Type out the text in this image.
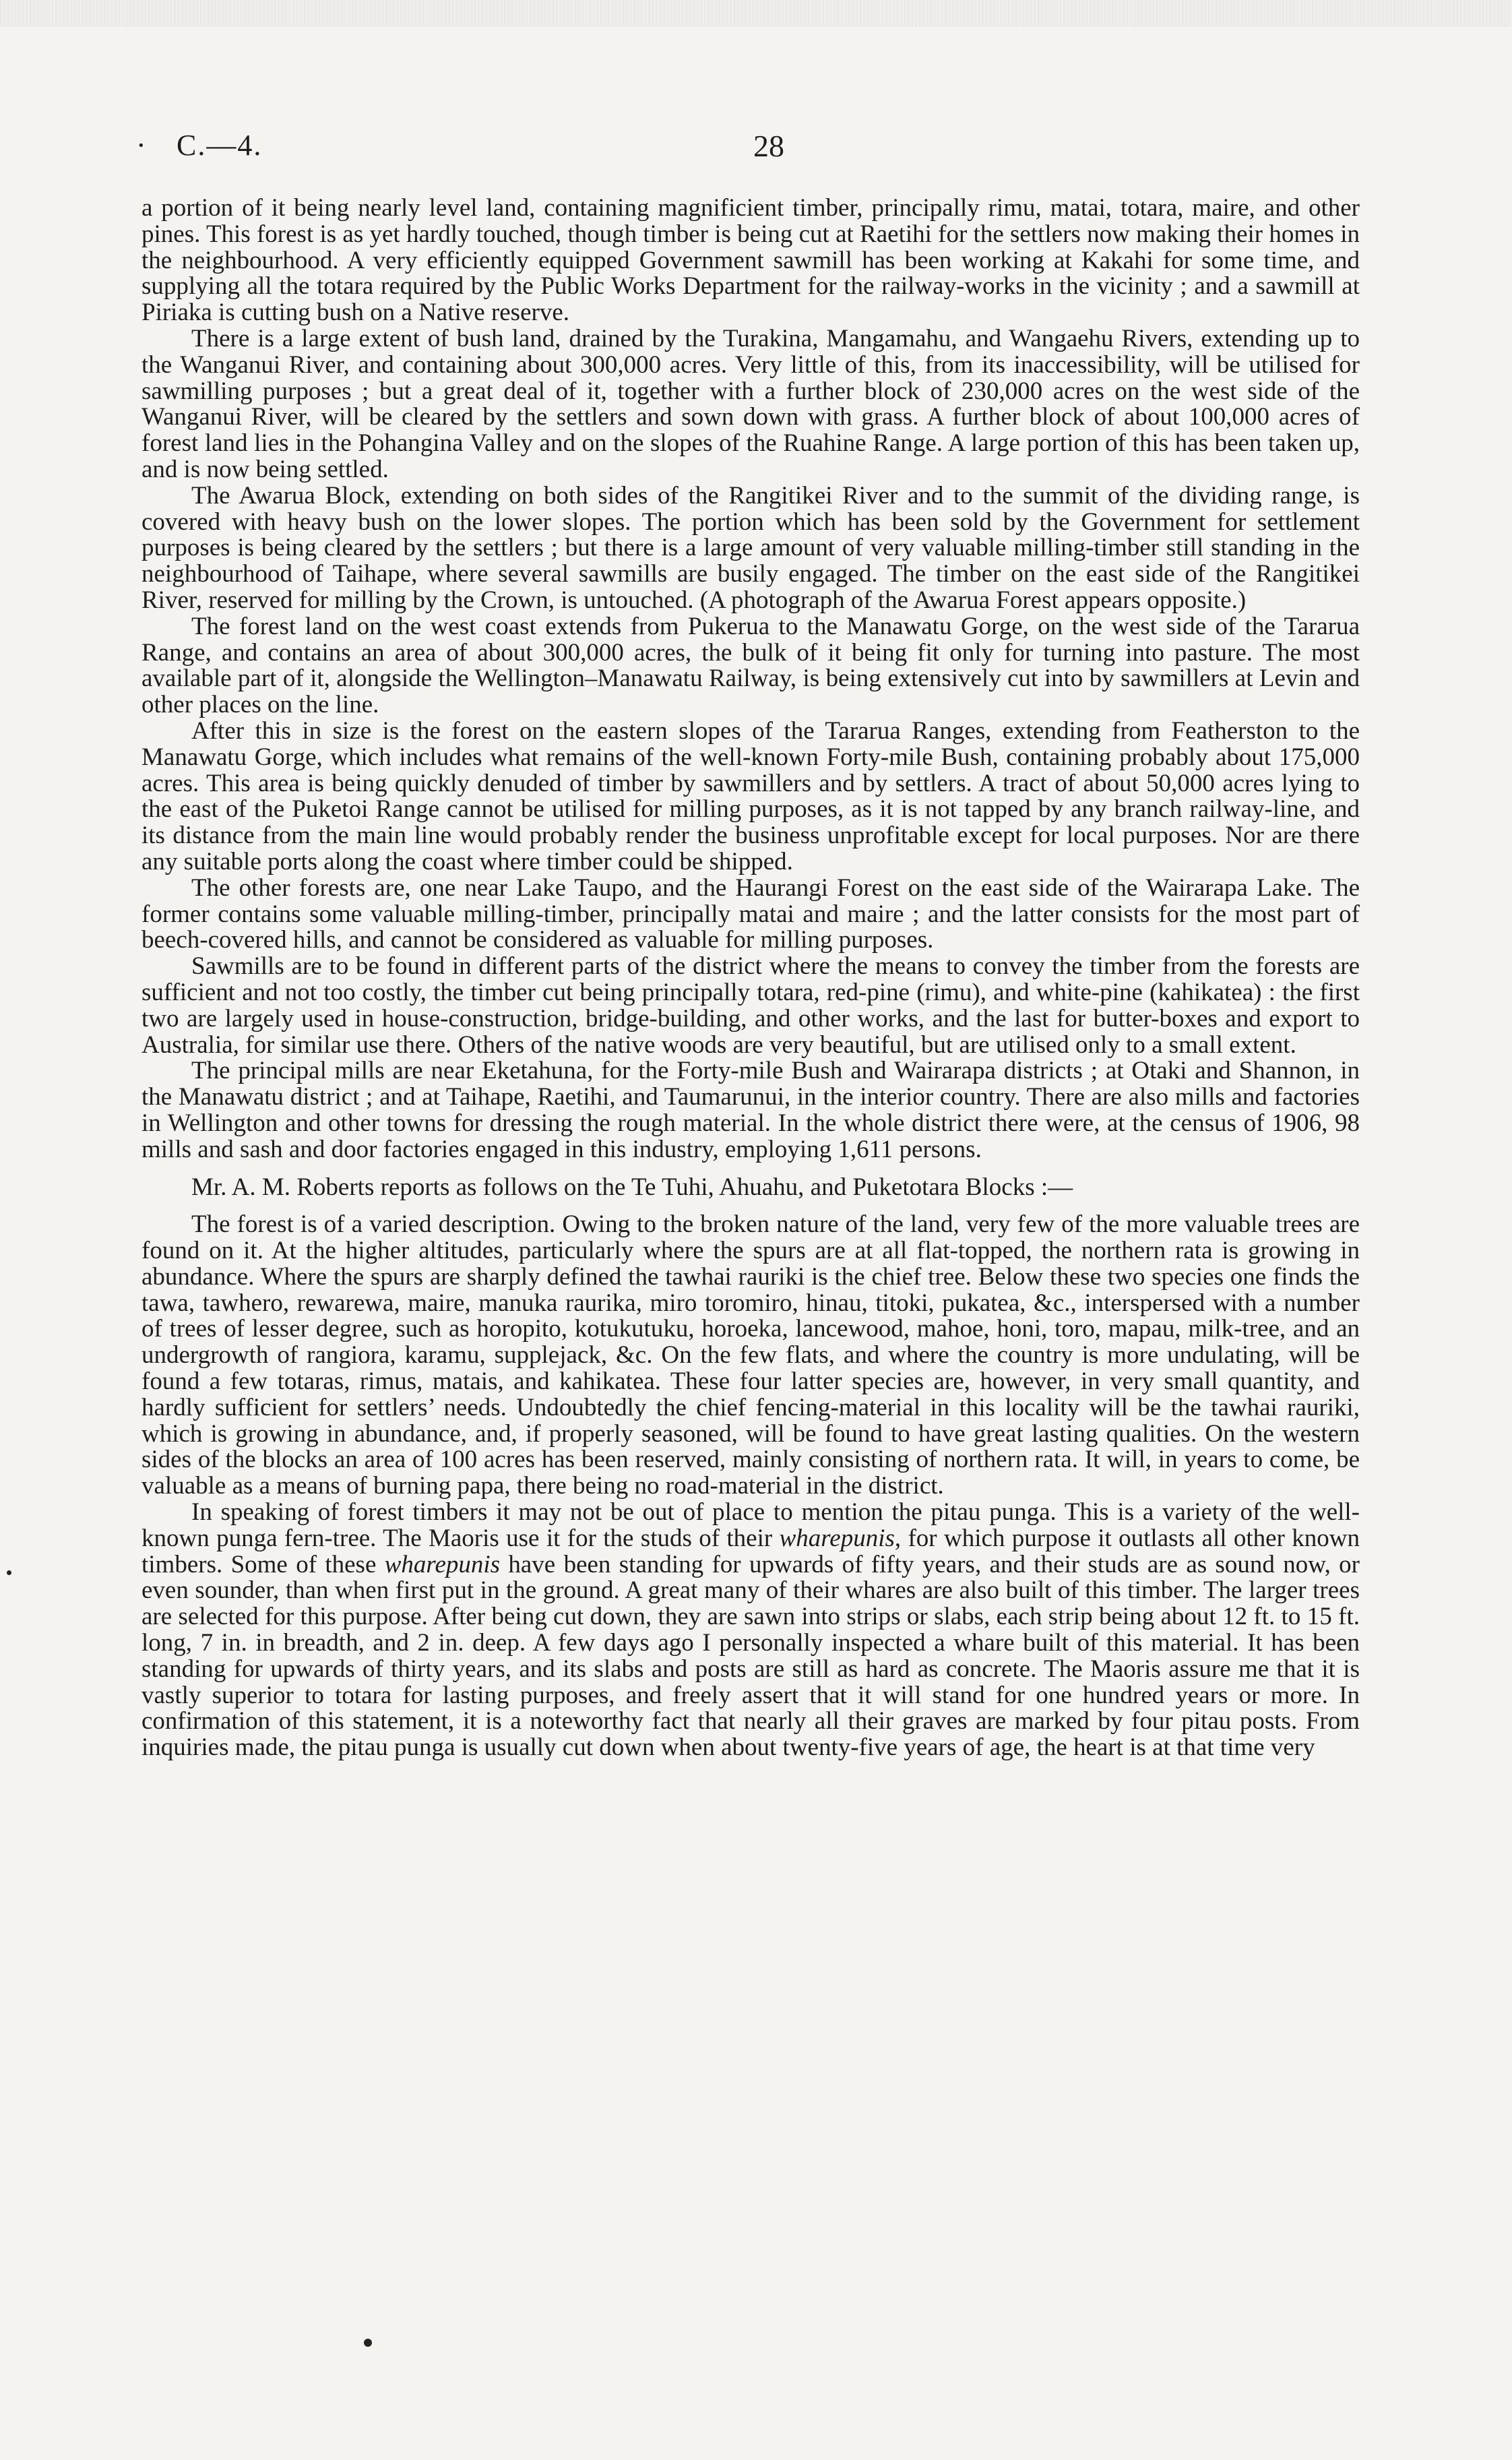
· C.—4.	28

a portion of it being nearly level land, containing magnificient timber, principally rimu, matai, totara, maire, and other pines. This forest is as yet hardly touched, though timber is being cut at Raetihi for the settlers now making their homes in the neighbourhood. A very efficiently equipped Government sawmill has been working at Kakahi for some time, and supplying all the totara required by the Public Works Department for the railway-works in the vicinity ; and a sawmill at Piriaka is cutting bush on a Native reserve.

There is a large extent of bush land, drained by the Turakina, Mangamahu, and Wangaehu Rivers, extending up to the Wanganui River, and containing about 300,000 acres. Very little of this, from its inaccessibility, will be utilised for sawmilling purposes ; but a great deal of it, together with a further block of 230,000 acres on the west side of the Wanganui River, will be cleared by the settlers and sown down with grass. A further block of about 100,000 acres of forest land lies in the Pohangina Valley and on the slopes of the Ruahine Range. A large portion of this has been taken up, and is now being settled.

The Awarua Block, extending on both sides of the Rangitikei River and to the summit of the dividing range, is covered with heavy bush on the lower slopes. The portion which has been sold by the Government for settlement purposes is being cleared by the settlers ; but there is a large amount of very valuable milling-timber still standing in the neighbourhood of Taihape, where several sawmills are busily engaged. The timber on the east side of the Rangitikei River, reserved for milling by the Crown, is untouched. (A photograph of the Awarua Forest appears opposite.)

The forest land on the west coast extends from Pukerua to the Manawatu Gorge, on the west side of the Tararua Range, and contains an area of about 300,000 acres, the bulk of it being fit only for turning into pasture. The most available part of it, alongside the Wellington–Manawatu Railway, is being extensively cut into by sawmillers at Levin and other places on the line.

After this in size is the forest on the eastern slopes of the Tararua Ranges, extending from Featherston to the Manawatu Gorge, which includes what remains of the well-known Forty-mile Bush, containing probably about 175,000 acres. This area is being quickly denuded of timber by sawmillers and by settlers. A tract of about 50,000 acres lying to the east of the Puketoi Range cannot be utilised for milling purposes, as it is not tapped by any branch railway-line, and its distance from the main line would probably render the business unprofitable except for local purposes. Nor are there any suitable ports along the coast where timber could be shipped.

The other forests are, one near Lake Taupo, and the Haurangi Forest on the east side of the Wairarapa Lake. The former contains some valuable milling-timber, principally matai and maire ; and the latter consists for the most part of beech-covered hills, and cannot be considered as valuable for milling purposes.

Sawmills are to be found in different parts of the district where the means to convey the timber from the forests are sufficient and not too costly, the timber cut being principally totara, red-pine (rimu), and white-pine (kahikatea) : the first two are largely used in house-construction, bridge-building, and other works, and the last for butter-boxes and export to Australia, for similar use there. Others of the native woods are very beautiful, but are utilised only to a small extent.

The principal mills are near Eketahuna, for the Forty-mile Bush and Wairarapa districts ; at Otaki and Shannon, in the Manawatu district ; and at Taihape, Raetihi, and Taumarunui, in the interior country. There are also mills and factories in Wellington and other towns for dressing the rough material. In the whole district there were, at the census of 1906, 98 mills and sash and door factories engaged in this industry, employing 1,611 persons.

Mr. A. M. Roberts reports as follows on the Te Tuhi, Ahuahu, and Puketotara Blocks :—

The forest is of a varied description. Owing to the broken nature of the land, very few of the more valuable trees are found on it. At the higher altitudes, particularly where the spurs are at all flat-topped, the northern rata is growing in abundance. Where the spurs are sharply defined the tawhai rauriki is the chief tree. Below these two species one finds the tawa, tawhero, rewarewa, maire, manuka raurika, miro toromiro, hinau, titoki, pukatea, &c., interspersed with a number of trees of lesser degree, such as horopito, kotukutuku, horoeka, lancewood, mahoe, honi, toro, mapau, milk-tree, and an undergrowth of rangiora, karamu, supplejack, &c. On the few flats, and where the country is more undulating, will be found a few totaras, rimus, matais, and kahikatea. These four latter species are, however, in very small quantity, and hardly sufficient for settlers’ needs. Undoubtedly the chief fencing-material in this locality will be the tawhai rauriki, which is growing in abundance, and, if properly seasoned, will be found to have great lasting qualities. On the western sides of the blocks an area of 100 acres has been reserved, mainly consisting of northern rata. It will, in years to come, be valuable as a means of burning papa, there being no road-material in the district.

In speaking of forest timbers it may not be out of place to mention the pitau punga. This is a variety of the well-known punga fern-tree. The Maoris use it for the studs of their wharepunis, for which purpose it outlasts all other known timbers. Some of these wharepunis have been standing for upwards of fifty years, and their studs are as sound now, or even sounder, than when first put in the ground. A great many of their whares are also built of this timber. The larger trees are selected for this purpose. After being cut down, they are sawn into strips or slabs, each strip being about 12 ft. to 15 ft. long, 7 in. in breadth, and 2 in. deep. A few days ago I personally inspected a whare built of this material. It has been standing for upwards of thirty years, and its slabs and posts are still as hard as concrete. The Maoris assure me that it is vastly superior to totara for lasting purposes, and freely assert that it will stand for one hundred years or more. In confirmation of this statement, it is a noteworthy fact that nearly all their graves are marked by four pitau posts. From inquiries made, the pitau punga is usually cut down when about twenty-five years of age, the heart is at that time very
